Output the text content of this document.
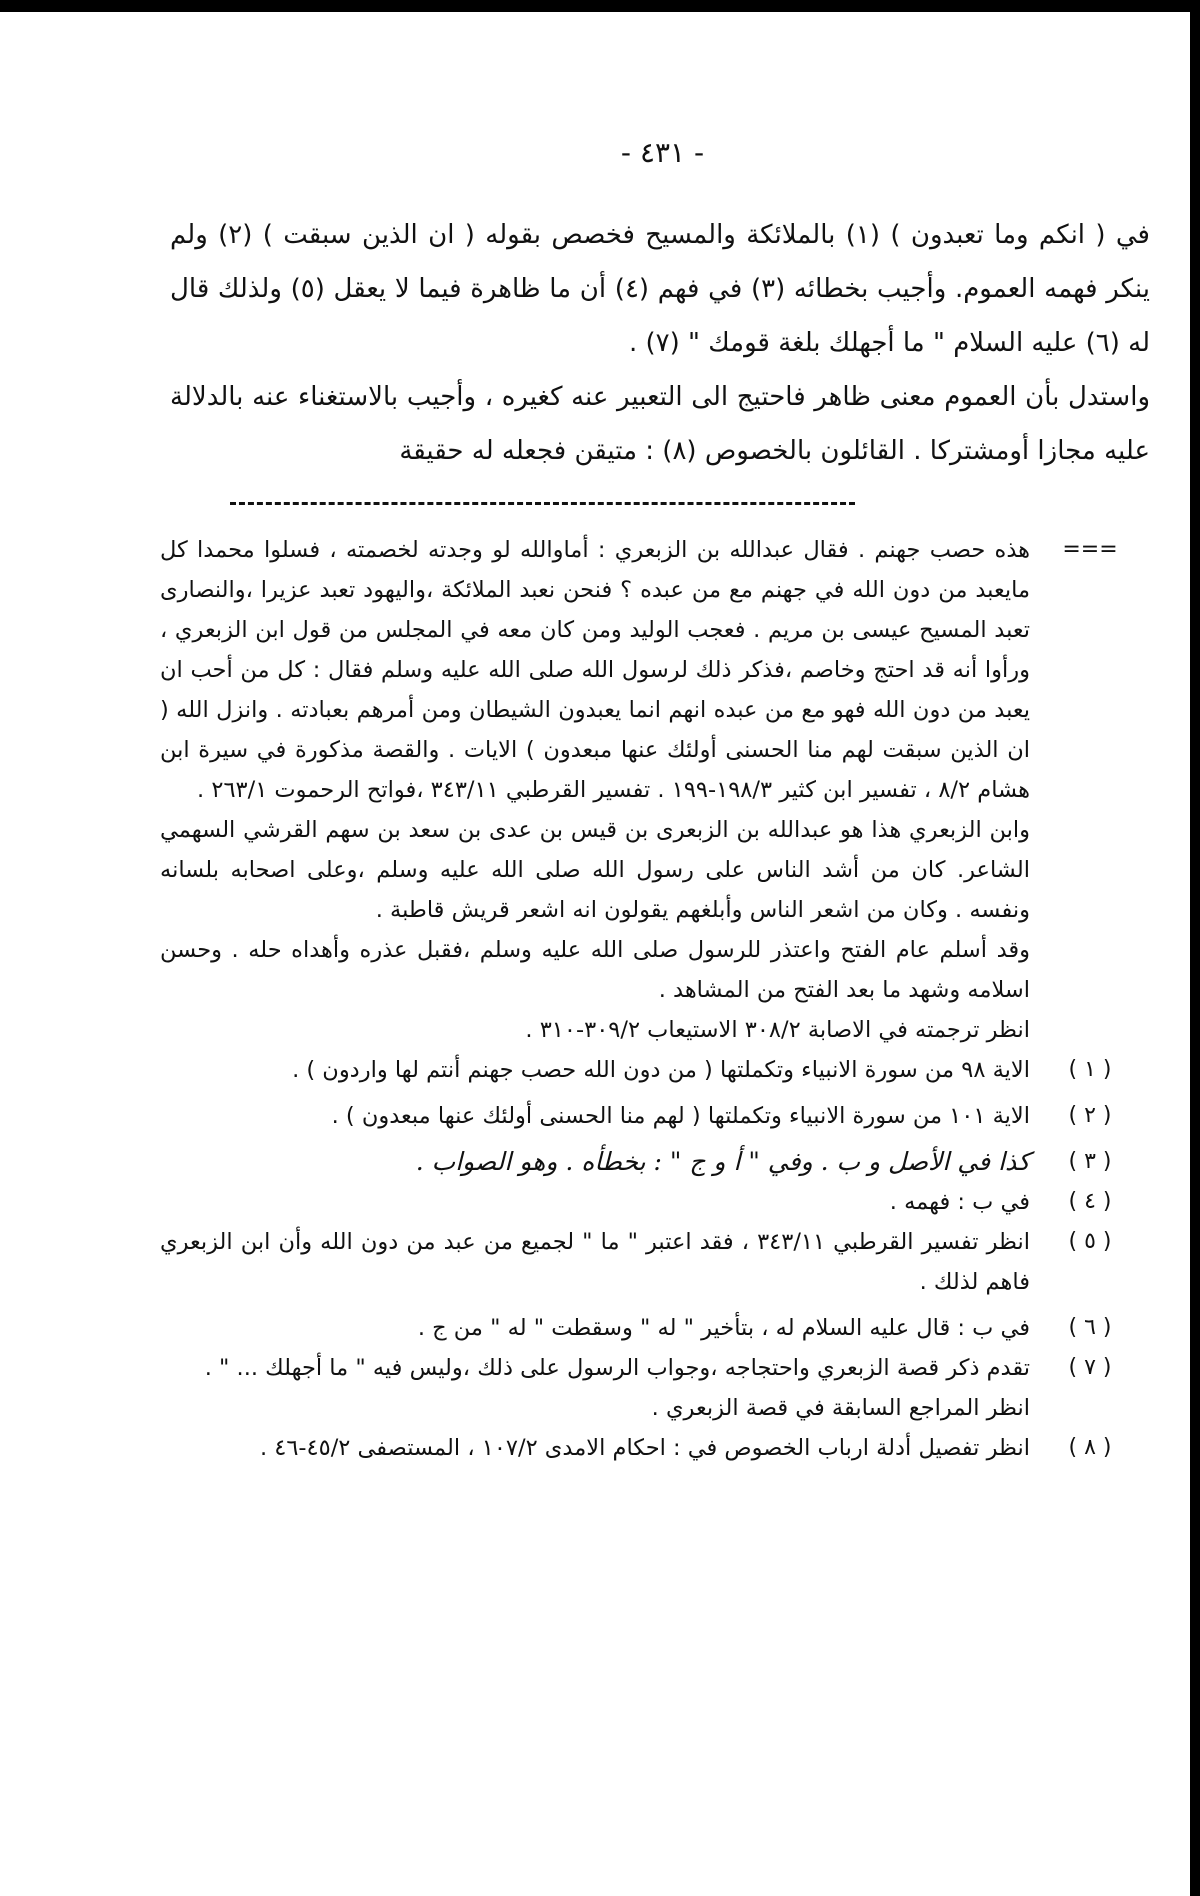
- ٤٣١ -

في ( انكم وما تعبدون ) (١) بالملائكة والمسيح فخصص بقوله ( ان الذين سبقت ) (٢) ولم ينكر فهمه العموم. وأجيب بخطائه (٣) في فهم (٤) أن ما ظاهرة فيما لا يعقل (٥) ولذلك قال له (٦) عليه السلام " ما أجهلك بلغة قومك " (٧) .

واستدل بأن العموم معنى ظاهر فاحتيج الى التعبير عنه كغيره ، وأجيب بالاستغناء عنه بالدلالة عليه مجازا أومشتركا . القائلون بالخصوص (٨) : متيقن فجعله له حقيقة

===

هذه حصب جهنم . فقال عبدالله بن الزبعري : أماوالله لو وجدته لخصمته ، فسلوا محمدا كل مايعبد من دون الله في جهنم مع من عبده ؟ فنحن نعبد الملائكة ،واليهود تعبد عزيرا ،والنصارى تعبد المسيح عيسى بن مريم . فعجب الوليد ومن كان معه في المجلس من قول ابن الزبعري ، ورأوا أنه قد احتج وخاصم ،فذكر ذلك لرسول الله صلى الله عليه وسلم فقال : كل من أحب ان يعبد من دون الله فهو مع من عبده انهم انما يعبدون الشيطان ومن أمرهم بعبادته . وانزل الله ( ان الذين سبقت لهم منا الحسنى أولئك عنها مبعدون ) الايات . والقصة مذكورة في سيرة ابن هشام ٨/٢ ، تفسير ابن كثير ١٩٨/٣-١٩٩ . تفسير القرطبي ٣٤٣/١١ ،فواتح الرحموت ٢٦٣/١ .

وابن الزبعري هذا هو عبدالله بن الزبعرى بن قيس بن عدى بن سعد بن سهم القرشي السهمي الشاعر. كان من أشد الناس على رسول الله صلى الله عليه وسلم ،وعلى اصحابه بلسانه ونفسه . وكان من اشعر الناس وأبلغهم يقولون انه اشعر قريش قاطبة .

وقد أسلم عام الفتح واعتذر للرسول صلى الله عليه وسلم ،فقبل عذره وأهداه حله . وحسن اسلامه وشهد ما بعد الفتح من المشاهد .

انظر ترجمته في الاصابة ٣٠٨/٢ الاستيعاب ٣٠٩/٢-٣١٠ .

( ١ )
الاية ٩٨ من سورة الانبياء وتكملتها ( من دون الله حصب جهنم أنتم لها واردون ) .
( ٢ )
الاية ١٠١ من سورة الانبياء وتكملتها ( لهم منا الحسنى أولئك عنها مبعدون ) .
( ٣ )
كذا في الأصل و ب . وفي " أ و ج " : بخطأه . وهو الصواب .
( ٤ )
في ب : فهمه .
( ٥ )
انظر تفسير القرطبي ٣٤٣/١١ ، فقد اعتبر " ما " لجميع من عبد من دون الله وأن ابن الزبعري فاهم لذلك .
( ٦ )
في ب : قال عليه السلام له ، بتأخير " له " وسقطت " له " من ج .
( ٧ )
تقدم ذكر قصة الزبعري واحتجاجه ،وجواب الرسول على ذلك ،وليس فيه " ما أجهلك ... " .
انظر المراجع السابقة في قصة الزبعري .
( ٨ )
انظر تفصيل أدلة ارباب الخصوص في : احكام الامدى ١٠٧/٢ ، المستصفى ٤٥/٢-٤٦ .
